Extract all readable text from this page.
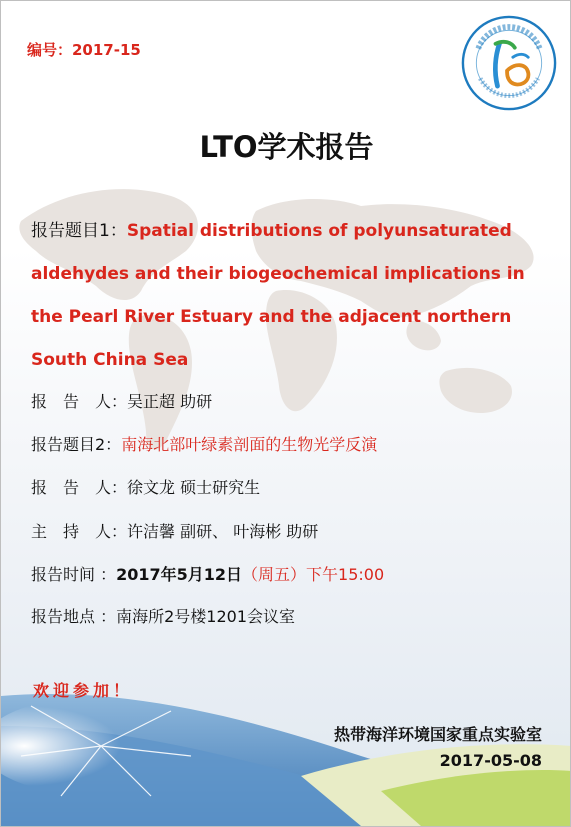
编号：2017-15
LTO学术报告
报告题目1：Spatial distributions of polyunsaturated aldehydes and their biogeochemical implications in the Pearl River Estuary and the adjacent northern South China Sea
报　告　人：吴正超 助研
报告题目2：南海北部叶绿素剖面的生物光学反演
报　告　人：徐文龙 硕士研究生
主　持　人：许洁馨 副研、 叶海彬 助研
报告时间 ：2017年5月12日（周五）下午15:00
报告地点 ：南海所2号楼1201会议室
欢迎参加！
热带海洋环境国家重点实验室
2017-05-08
